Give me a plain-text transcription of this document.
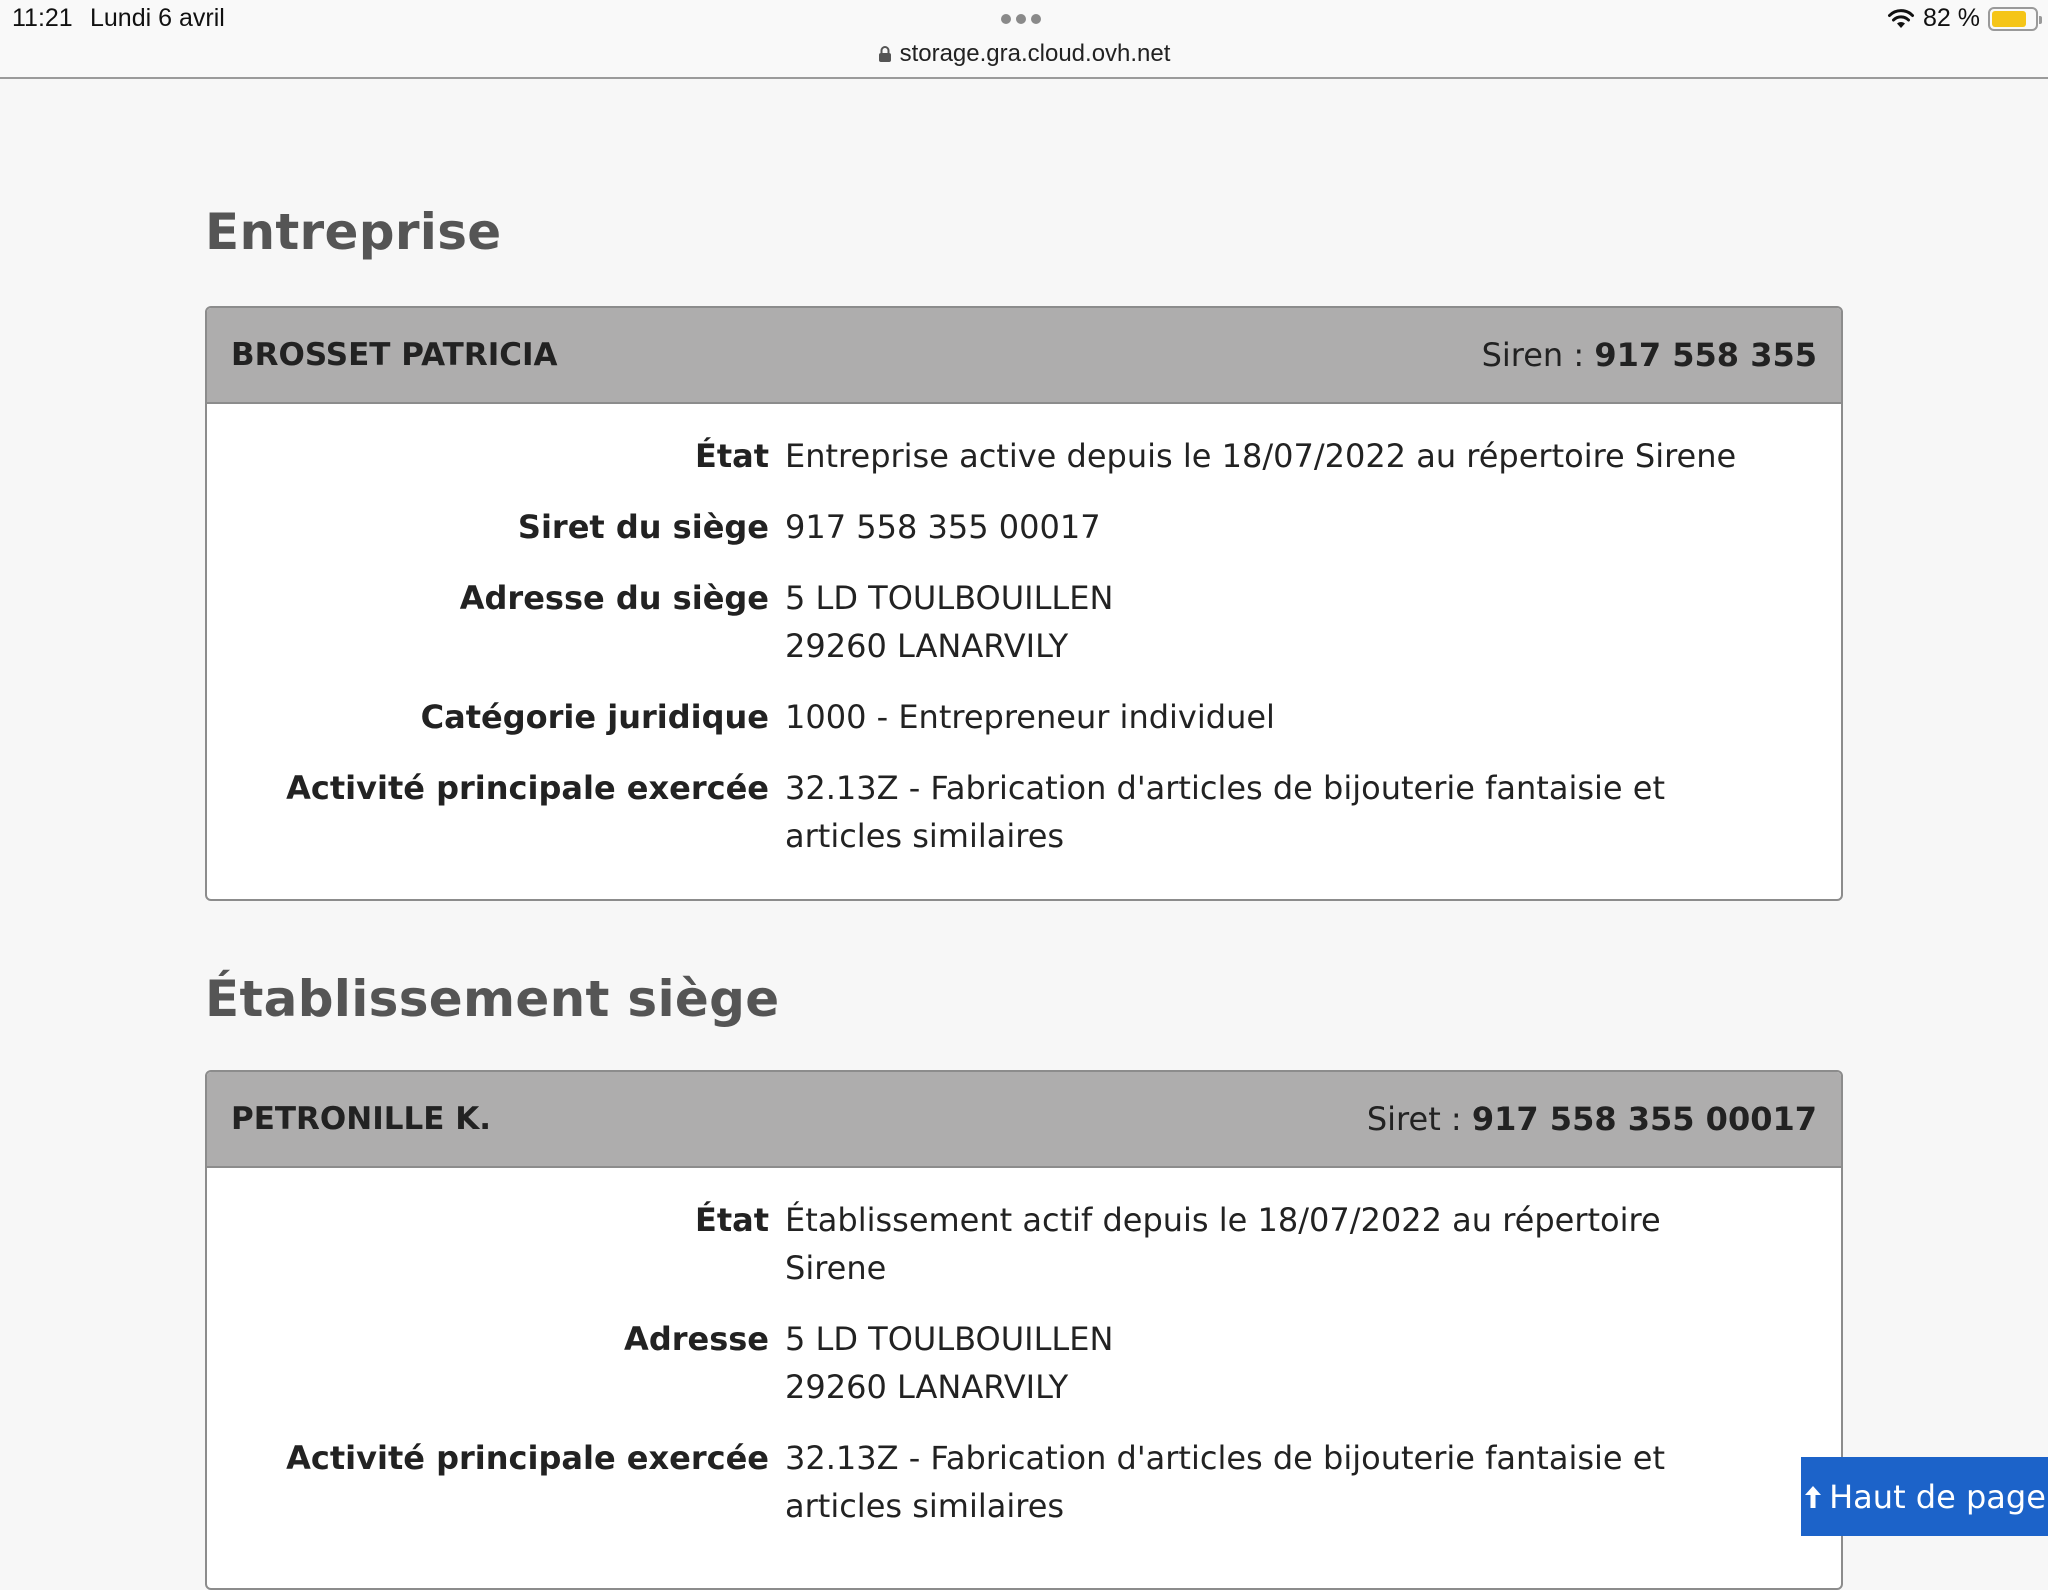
11:21 Lundi 6 avril
storage.gra.cloud.ovh.net
82 %
Entreprise
BROSSET PATRICIA	Siren : 917 558 355
État Entreprise active depuis le 18/07/2022 au répertoire Sirene
Siret du siège 917 558 355 00017
Adresse du siège 5 LD TOULBOUILLEN
29260 LANARVILY
Catégorie juridique 1000 - Entrepreneur individuel
Activité principale exercée 32.13Z - Fabrication d'articles de bijouterie fantaisie et articles similaires
Établissement siège
PETRONILLE K.	Siret : 917 558 355 00017
État Établissement actif depuis le 18/07/2022 au répertoire Sirene
Adresse 5 LD TOULBOUILLEN
29260 LANARVILY
Activité principale exercée 32.13Z - Fabrication d'articles de bijouterie fantaisie et articles similaires	Haut de page
